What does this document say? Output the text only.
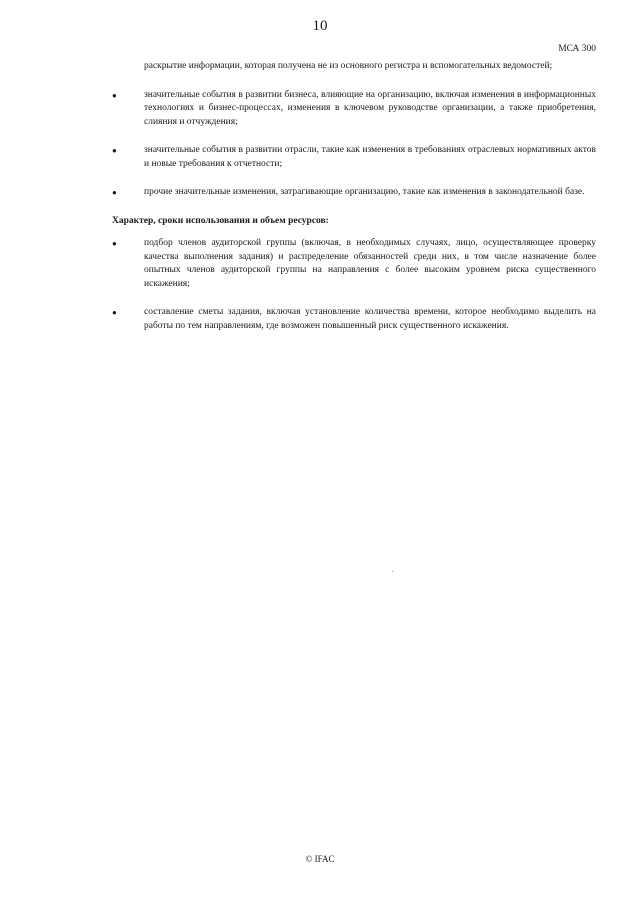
10
МСА 300

раскрытие информации, которая получена не из основного регистра и вспомогательных ведомостей;

●	значительные события в развитии бизнеса, влияющие на организацию, включая изменения в информационных технологиях и бизнес-процессах, изменения в ключевом руководстве организации, а также приобретения, слияния и отчуждения;

●	значительные события в развитии отрасли, такие как изменения в требованиях отраслевых нормативных актов и новые требования к отчетности;

●	прочие значительные изменения, затрагивающие организацию, такие как изменения в законодательной базе.

Характер, сроки использования и объем ресурсов:

●	подбор членов аудиторской группы (включая, в необходимых случаях, лицо, осуществляющее проверку качества выполнения задания) и распределение обязанностей среди них, в том числе назначение более опытных членов аудиторской группы на направления с более высоким уровнем риска существенного искажения;

●	составление сметы задания, включая установление количества времени, которое необходимо выделить на работы по тем направлениям, где возможен повышенный риск существенного искажения.

© IFAC
